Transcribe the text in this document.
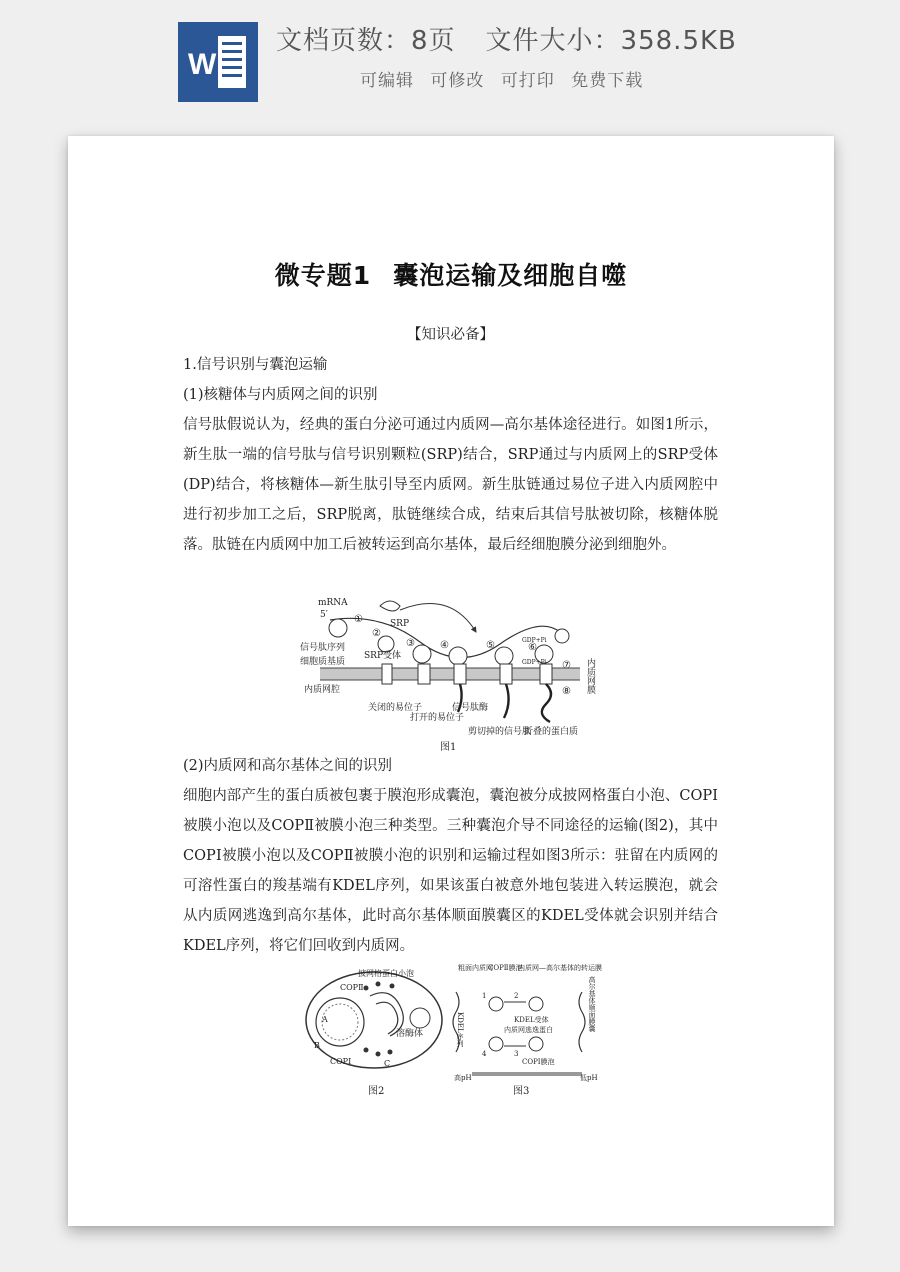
W
文档页数：8页 文件大小：358.5KB
可编辑 可修改 可打印 免费下载
微专题1 囊泡运输及细胞自噬

【知识必备】

1.信号识别与囊泡运输

(1)核糖体与内质网之间的识别

信号肽假说认为，经典的蛋白分泌可通过内质网—高尔基体途径进行。如图1所示，新生肽一端的信号肽与信号识别颗粒(SRP)结合，SRP通过与内质网上的SRP受体(DP)结合，将核糖体—新生肽引导至内质网。新生肽链通过易位子进入内质网腔中进行初步加工之后，SRP脱离，肽链继续合成，结束后其信号肽被切除，核糖体脱落。肽链在内质网中加工后被转运到高尔基体，最后经细胞膜分泌到细胞外。

mRNA
5′
SRP
信号肽序列
SRP受体
细胞质基质
内质网腔
GDP+Pi
GDP+Pi	内质网膜
关闭的易位子
打开的易位子
信号肽酶
剪切掉的信号肽
折叠的蛋白质
①
②
③	④	⑤	⑥
⑦
⑧
图1

(2)内质网和高尔基体之间的识别

细胞内部产生的蛋白质被包裹于膜泡形成囊泡，囊泡被分成披网格蛋白小泡、COPⅠ被膜小泡以及COPⅡ被膜小泡三种类型。三种囊泡介导不同途径的运输(图2)，其中COPⅠ被膜小泡以及COPⅡ被膜小泡的识别和运输过程如图3所示：驻留在内质网的可溶性蛋白的羧基端有KDEL序列，如果该蛋白被意外地包装进入转运膜泡，就会从内质网逃逸到高尔基体，此时高尔基体顺面膜囊区的KDEL受体就会识别并结合KDEL序列，将它们回收到内质网。

披网格蛋白小泡
COPⅡ
COPⅠ
溶酶体
A
B
C
图2
粗面内质网
COPⅡ膜泡
内质网—高尔基体的转运膜泡
高尔基体顺面膜囊
KDEL序列	KDEL受体
内质网逃逸蛋白
COPⅠ膜泡
高pH	低pH
1	2
3
4
图3
